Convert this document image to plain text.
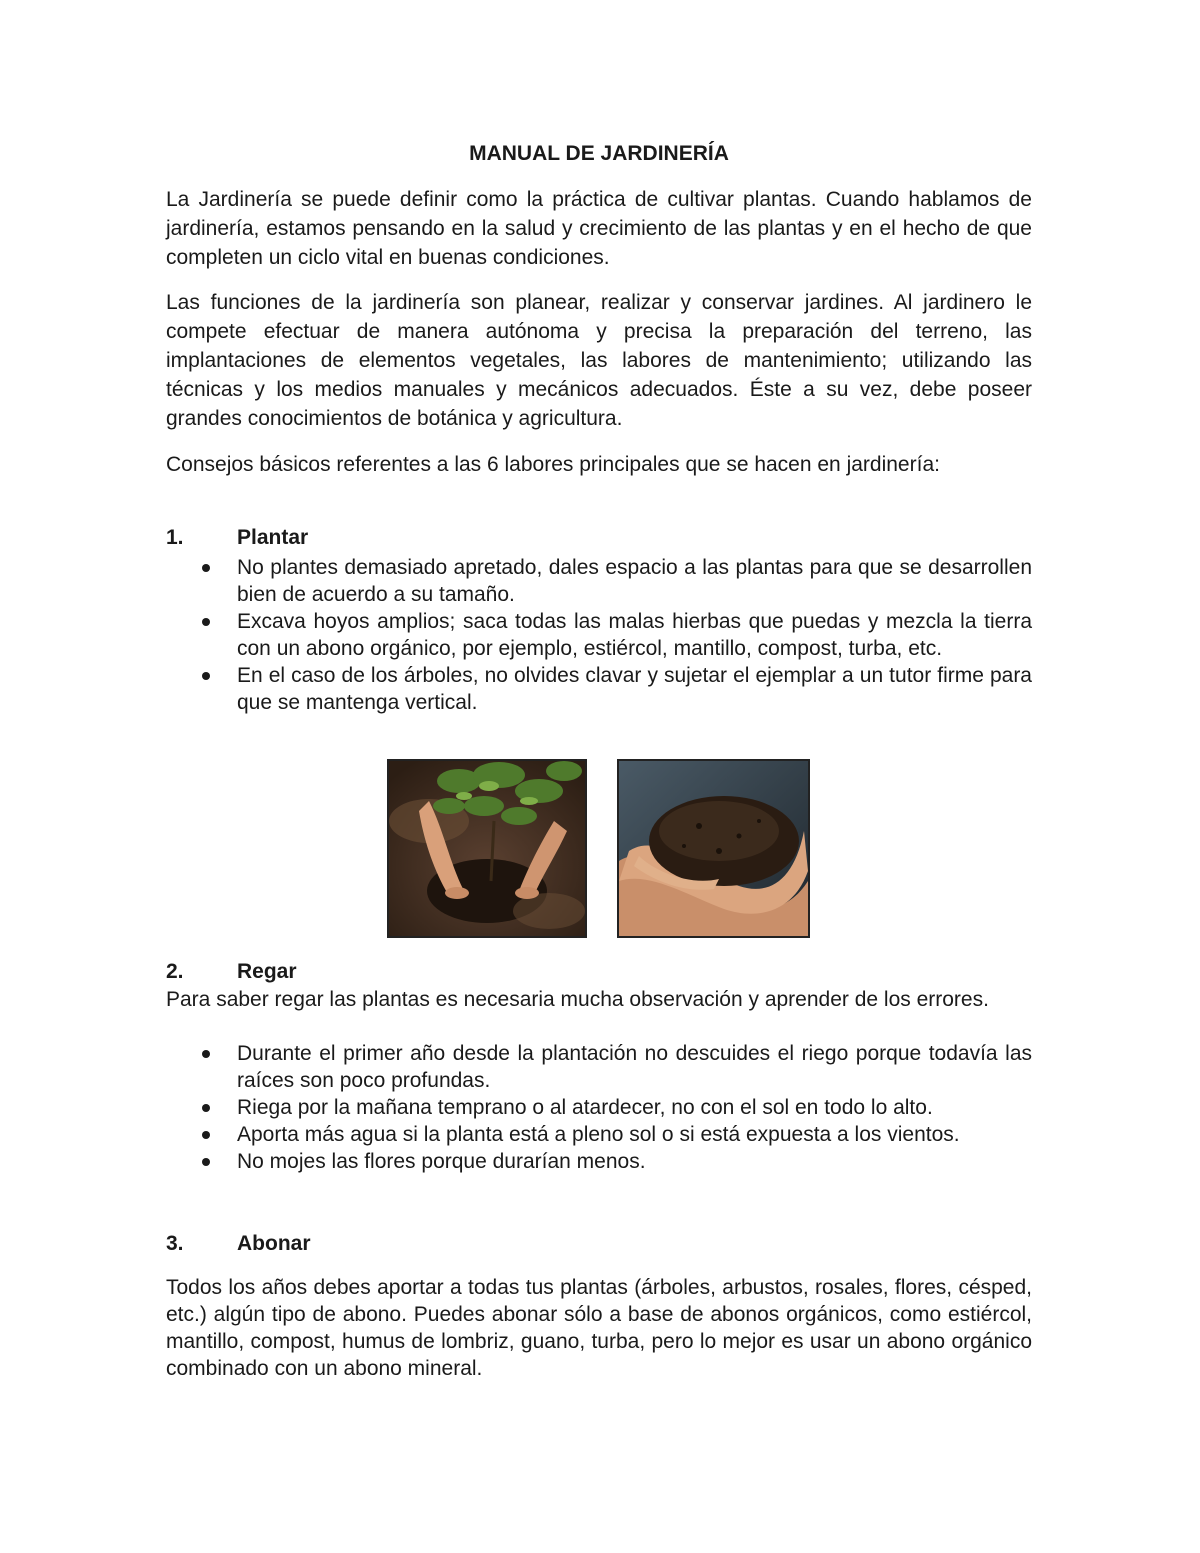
MANUAL DE JARDINERÍA

La Jardinería se puede definir como la práctica de cultivar plantas. Cuando hablamos de jardinería, estamos pensando en la salud y crecimiento de las plantas y en el hecho de que completen un ciclo vital en buenas condiciones.

Las funciones de la jardinería son planear, realizar y conservar jardines. Al jardinero le compete efectuar de manera autónoma y precisa la preparación del terreno, las implantaciones de elementos vegetales, las labores de mantenimiento; utilizando las técnicas y los medios manuales y mecánicos adecuados. Éste a su vez, debe poseer grandes conocimientos de botánica y agricultura.

Consejos básicos referentes a las 6 labores principales que se hacen en jardinería:

1.	Plantar
No plantes demasiado apretado, dales espacio a las plantas para que se desarrollen bien de acuerdo a su tamaño.
Excava hoyos amplios; saca todas las malas hierbas que puedas y mezcla la tierra con un abono orgánico, por ejemplo, estiércol, mantillo, compost, turba, etc.
En el caso de los árboles, no olvides clavar y sujetar el ejemplar a un tutor firme para que se mantenga vertical.
2.	Regar

Para saber regar las plantas es necesaria mucha observación y aprender de los errores.

Durante el primer año desde la plantación no descuides el riego porque todavía las raíces son poco profundas.
Riega por la mañana temprano o al atardecer, no con el sol en todo lo alto.
Aporta más agua si la planta está a pleno sol o si está expuesta a los vientos.
No mojes las flores porque durarían menos.
3.	Abonar

Todos los años debes aportar a todas tus plantas (árboles, arbustos, rosales, flores, césped, etc.) algún tipo de abono. Puedes abonar sólo a base de abonos orgánicos, como estiércol, mantillo, compost, humus de lombriz, guano, turba, pero lo mejor es usar un abono orgánico combinado con un abono mineral.
